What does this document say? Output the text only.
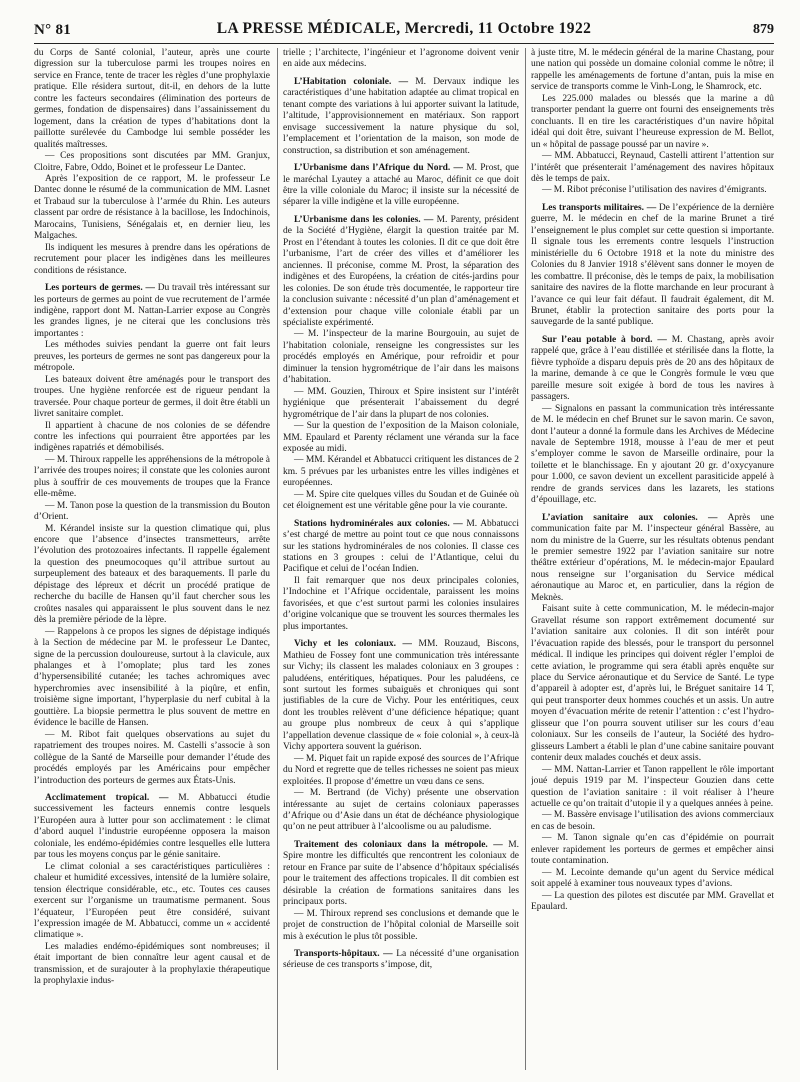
N° 81	LA PRESSE MÉDICALE, Mercredi, 11 Octobre 1922	879

du Corps de Santé colonial, l’auteur, après une courte digression sur la tuberculose parmi les troupes noires en service en France, tente de tracer les règles d’une prophylaxie pratique. Elle résidera surtout, dit-il, en dehors de la lutte contre les facteurs secondaires (élimination des porteurs de germes, fondation de dispensaires) dans l’assainissement du logement, dans la création de types d’habitations dont la paillotte surélevée du Cambodge lui semble posséder les qualités maîtresses.

— Ces propositions sont discutées par MM. Granjux, Cloitre, Fabre, Oddo, Boinet et le professeur Le Dantec.

Après l’exposition de ce rapport, M. le professeur Le Dantec donne le résumé de la communication de MM. Lasnet et Trabaud sur la tuberculose à l’armée du Rhin. Les auteurs classent par ordre de résistance à la bacillose, les Indochinois, Marocains, Tunisiens, Sénégalais et, en dernier lieu, les Malgaches.

Ils indiquent les mesures à prendre dans les opérations de recrutement pour placer les indigènes dans les meilleures conditions de résistance.

Les porteurs de germes. — Du travail très intéressant sur les porteurs de germes au point de vue recrutement de l’armée indigène, rapport dont M. Nattan-Larrier expose au Congrès les grandes lignes, je ne citerai que les conclusions très importantes :

Les méthodes suivies pendant la guerre ont fait leurs preuves, les porteurs de germes ne sont pas dangereux pour la métropole.

Les bateaux doivent être aménagés pour le transport des troupes. Une hygiène renforcée est de rigueur pendant la traversée. Pour chaque porteur de germes, il doit être établi un livret sanitaire complet.

Il appartient à chacune de nos colonies de se défendre contre les infections qui pourraient être apportées par les indigènes rapatriés et démobilisés.

— M. Thiroux rappelle les appréhensions de la métropole à l’arrivée des troupes noires; il constate que les colonies auront plus à souffrir de ces mouvements de troupes que la France elle-même.

— M. Tanon pose la question de la transmission du Bouton d’Orient.

M. Kérandel insiste sur la question climatique qui, plus encore que l’absence d’insectes transmetteurs, arrête l’évolution des protozoaires infectants. Il rappelle également la question des pneumocoques qu’il attribue surtout au surpeuplement des bateaux et des baraquements. Il parle du dépistage des lépreux et décrit un procédé pratique de recherche du bacille de Hansen qu’il faut chercher sous les croûtes nasales qui apparaissent le plus souvent dans le nez dès la première période de la lèpre.

— Rappelons à ce propos les signes de dépistage indiqués à la Section de médecine par M. le professeur Le Dantec, signe de la percussion douloureuse, surtout à la clavicule, aux phalanges et à l’omoplate; plus tard les zones d’hypersensibilité cutanée; les taches achromiques avec hyperchromies avec insensibilité à la piqûre, et enfin, troisième signe important, l’hyperplasie du nerf cubital à la gouttière. La biopsie permettra le plus souvent de mettre en évidence le bacille de Hansen.

— M. Ribot fait quelques observations au sujet du rapatriement des troupes noires. M. Castelli s’associe à son collègue de la Santé de Marseille pour demander l’étude des procédés employés par les Américains pour empêcher l’introduction des porteurs de germes aux États-Unis.

Acclimatement tropical. — M. Abbatucci étudie successivement les facteurs ennemis contre lesquels l’Européen aura à lutter pour son acclimatement : le climat d’abord auquel l’industrie européenne opposera la maison coloniale, les endémo-épidémies contre lesquelles elle luttera par tous les moyens conçus par le génie sanitaire.

Le climat colonial a ses caractéristiques particulières : chaleur et humidité excessives, intensité de la lumière solaire, tension électrique considérable, etc., etc. Toutes ces causes exercent sur l’organisme un traumatisme permanent. Sous l’équateur, l’Européen peut être considéré, suivant l’expression imagée de M. Abbatucci, comme un « accidenté climatique ».

Les maladies endémo-épidémiques sont nombreuses; il était important de bien connaître leur agent causal et de transmission, et de surajouter à la prophylaxie thérapeutique la prophylaxie indus-

trielle ; l’architecte, l’ingénieur et l’agronome doivent venir en aide aux médecins.

L’Habitation coloniale. — M. Dervaux indique les caractéristiques d’une habitation adaptée au climat tropical en tenant compte des variations à lui apporter suivant la latitude, l’altitude, l’approvisionnement en matériaux. Son rapport envisage successivement la nature physique du sol, l’emplacement et l’orientation de la maison, son mode de construction, sa distribution et son aménagement.

L’Urbanisme dans l’Afrique du Nord. — M. Prost, que le maréchal Lyautey a attaché au Maroc, définit ce que doit être la ville coloniale du Maroc; il insiste sur la nécessité de séparer la ville indigène et la ville européenne.

L’Urbanisme dans les colonies. — M. Parenty, président de la Société d’Hygiène, élargit la question traitée par M. Prost en l’étendant à toutes les colonies. Il dit ce que doit être l’urbanisme, l’art de créer des villes et d’améliorer les anciennes. Il préconise, comme M. Prost, la séparation des indigènes et des Européens, la création de cités-jardins pour les colonies. De son étude très documentée, le rapporteur tire la conclusion suivante : nécessité d’un plan d’aménagement et d’extension pour chaque ville coloniale établi par un spécialiste expérimenté.

— M. l’inspecteur de la marine Bourgouin, au sujet de l’habitation coloniale, renseigne les congressistes sur les procédés employés en Amérique, pour refroidir et pour diminuer la tension hygrométrique de l’air dans les maisons d’habitation.

— MM. Gouzien, Thiroux et Spire insistent sur l’intérêt hygiénique que présenterait l’abaissement du degré hygrométrique de l’air dans la plupart de nos colonies.

— Sur la question de l’exposition de la Maison coloniale, MM. Epaulard et Parenty réclament une véranda sur la face exposée au midi.

— MM. Kérandel et Abbatucci critiquent les distances de 2 km. 5 prévues par les urbanistes entre les villes indigènes et européennes.

— M. Spire cite quelques villes du Soudan et de Guinée où cet éloignement est une véritable gêne pour la vie courante.

Stations hydrominérales aux colonies. — M. Abbatucci s’est chargé de mettre au point tout ce que nous connaissons sur les stations hydrominérales de nos colonies. Il classe ces stations en 3 groupes : celui de l’Atlantique, celui du Pacifique et celui de l’océan Indien.

Il fait remarquer que nos deux principales colonies, l’Indochine et l’Afrique occidentale, paraissent les moins favorisées, et que c’est surtout parmi les colonies insulaires d’origine volcanique que se trouvent les sources thermales les plus importantes.

Vichy et les coloniaux. — MM. Rouzaud, Biscons, Mathieu de Fossey font une communication très intéressante sur Vichy; ils classent les malades coloniaux en 3 groupes : paludéens, entéritiques, hépatiques. Pour les paludéens, ce sont surtout les formes subaiguës et chroniques qui sont justifiables de la cure de Vichy. Pour les entéritiques, ceux dont les troubles relèvent d’une déficience hépatique; quant au groupe plus nombreux de ceux à qui s’applique l’appellation devenue classique de « foie colonial », à ceux-là Vichy apportera souvent la guérison.

— M. Piquet fait un rapide exposé des sources de l’Afrique du Nord et regrette que de telles richesses ne soient pas mieux exploitées. Il propose d’émettre un vœu dans ce sens.

— M. Bertrand (de Vichy) présente une observation intéressante au sujet de certains coloniaux paperasses d’Afrique ou d’Asie dans un état de déchéance physiologique qu’on ne peut attribuer à l’alcoolisme ou au paludisme.

Traitement des coloniaux dans la métropole. — M. Spire montre les difficultés que rencontrent les coloniaux de retour en France par suite de l’absence d’hôpitaux spécialisés pour le traitement des affections tropicales. Il dit combien est désirable la création de formations sanitaires dans les principaux ports.

— M. Thiroux reprend ses conclusions et demande que le projet de construction de l’hôpital colonial de Marseille soit mis à exécution le plus tôt possible.

Transports-hôpitaux. — La nécessité d’une organisation sérieuse de ces transports s’impose, dit,

à juste titre, M. le médecin général de la marine Chastang, pour une nation qui possède un domaine colonial comme le nôtre; il rappelle les aménagements de fortune d’antan, puis la mise en service de transports comme le Vinh-Long, le Shamrock, etc.

Les 225.000 malades ou blessés que la marine a dû transporter pendant la guerre ont fourni des enseignements très concluants. Il en tire les caractéristiques d’un navire hôpital idéal qui doit être, suivant l’heureuse expression de M. Bellot, un « hôpital de passage poussé par un navire ».

— MM. Abbatucci, Reynaud, Castelli attirent l’attention sur l’intérêt que présenterait l’aménagement des navires hôpitaux dès le temps de paix.

— M. Ribot préconise l’utilisation des navires d’émigrants.

Les transports militaires. — De l’expérience de la dernière guerre, M. le médecin en chef de la marine Brunet a tiré l’enseignement le plus complet sur cette question si importante. Il signale tous les errements contre lesquels l’instruction ministérielle du 6 Octobre 1918 et la note du ministre des Colonies du 8 Janvier 1918 s’élèvent sans donner le moyen de les combattre. Il préconise, dès le temps de paix, la mobilisation sanitaire des navires de la flotte marchande en leur procurant à l’avance ce qui leur fait défaut. Il faudrait également, dit M. Brunet, établir la protection sanitaire des ports pour la sauvegarde de la santé publique.

Sur l’eau potable à bord. — M. Chastang, après avoir rappelé que, grâce à l’eau distillée et stérilisée dans la flotte, la fièvre typhoïde a disparu depuis près de 20 ans des hôpitaux de la marine, demande à ce que le Congrès formule le vœu que pareille mesure soit exigée à bord de tous les navires à passagers.

— Signalons en passant la communication très intéressante de M. le médecin en chef Brunet sur le savon marin. Ce savon, dont l’auteur a donné la formule dans les Archives de Médecine navale de Septembre 1918, mousse à l’eau de mer et peut s’employer comme le savon de Marseille ordinaire, pour la toilette et le blanchissage. En y ajoutant 20 gr. d’oxycyanure pour 1.000, ce savon devient un excellent parasiticide appelé à rendre de grands services dans les lazarets, les stations d’épouillage, etc.

L’aviation sanitaire aux colonies. — Après une communication faite par M. l’inspecteur général Bassère, au nom du ministre de la Guerre, sur les résultats obtenus pendant le premier semestre 1922 par l’aviation sanitaire sur notre théâtre extérieur d’opérations, M. le médecin-major Epaulard nous renseigne sur l’organisation du Service médical aéronautique au Maroc et, en particulier, dans la région de Meknès.

Faisant suite à cette communication, M. le médecin-major Gravellat résume son rapport extrêmement documenté sur l’aviation sanitaire aux colonies. Il dit son intérêt pour l’évacuation rapide des blessés, pour le transport du personnel médical. Il indique les principes qui doivent régler l’emploi de cette aviation, le programme qui sera établi après enquête sur place du Service aéronautique et du Service de Santé. Le type d’appareil à adopter est, d’après lui, le Bréguet sanitaire 14 T, qui peut transporter deux hommes couchés et un assis. Un autre moyen d’évacuation mérite de retenir l’attention : c’est l’hydro-glisseur que l’on pourra souvent utiliser sur les cours d’eau coloniaux. Sur les conseils de l’auteur, la Société des hydro-glisseurs Lambert a établi le plan d’une cabine sanitaire pouvant contenir deux malades couchés et deux assis.

— MM. Nattan-Larrier et Tanon rappellent le rôle important joué depuis 1919 par M. l’inspecteur Gouzien dans cette question de l’aviation sanitaire : il voit réaliser à l’heure actuelle ce qu’on traitait d’utopie il y a quelques années à peine.

— M. Bassère envisage l’utilisation des avions commerciaux en cas de besoin.

— M. Tanon signale qu’en cas d’épidémie on pourrait enlever rapidement les porteurs de germes et empêcher ainsi toute contamination.

— M. Lecointe demande qu’un agent du Service médical soit appelé à examiner tous nouveaux types d’avions.

— La question des pilotes est discutée par MM. Gravellat et Epaulard.
